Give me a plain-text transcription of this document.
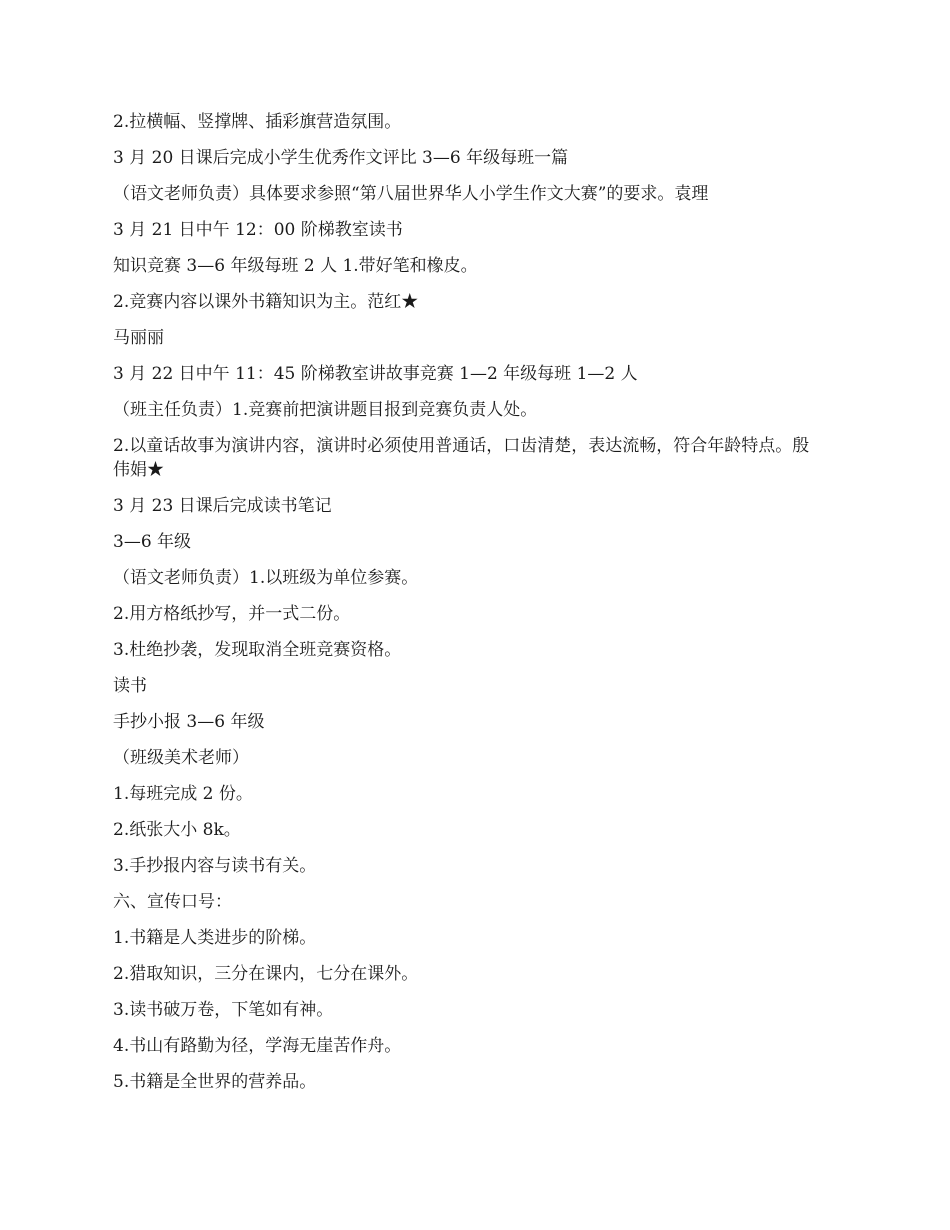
2.拉横幅、竖撑牌、插彩旗营造氛围。
3 月 20 日课后完成小学生优秀作文评比 3—6 年级每班一篇
（语文老师负责）具体要求参照“第八届世界华人小学生作文大赛”的要求。袁理
3 月 21 日中午 12：00 阶梯教室读书
知识竞赛 3—6 年级每班 2 人 1.带好笔和橡皮。
2.竞赛内容以课外书籍知识为主。范红★
马丽丽
3 月 22 日中午 11：45 阶梯教室讲故事竞赛 1—2 年级每班 1—2 人
（班主任负责）1.竞赛前把演讲题目报到竞赛负责人处。
2.以童话故事为演讲内容，演讲时必须使用普通话，口齿清楚，表达流畅，符合年龄特点。殷伟娟★
3 月 23 日课后完成读书笔记
3—6 年级
（语文老师负责）1.以班级为单位参赛。
2.用方格纸抄写，并一式二份。
3.杜绝抄袭，发现取消全班竞赛资格。
读书
手抄小报 3—6 年级
（班级美术老师）
1.每班完成 2 份。
2.纸张大小 8k。
3.手抄报内容与读书有关。
六、宣传口号：
1.书籍是人类进步的阶梯。
2.猎取知识，三分在课内，七分在课外。
3.读书破万卷，下笔如有神。
4.书山有路勤为径，学海无崖苦作舟。
5.书籍是全世界的营养品。
